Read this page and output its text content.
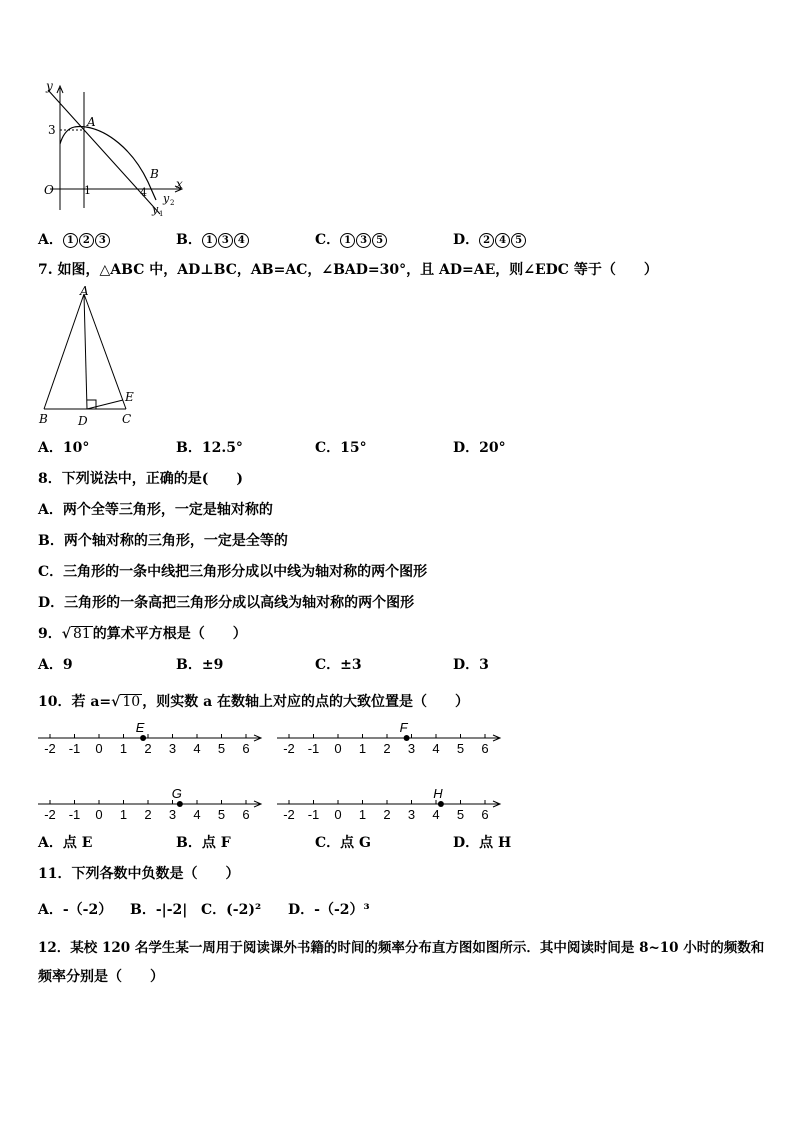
y
x
O
3
1	4
A
B
y 2
y 1
A． 1 2 3	B． 1 3 4	C． 1 3 5	D． 2 4 5
7. 如图，△ABC 中，AD⊥BC，AB=AC，∠BAD=30°，且 AD=AE，则∠EDC 等于（　　）
A
B	C
D
E
A．10°	B．12.5°	C．15°	D．20°
8．下列说法中，正确的是(　　)
A．两个全等三角形，一定是轴对称的
B．两个轴对称的三角形，一定是全等的
C．三角形的一条中线把三角形分成以中线为轴对称的两个图形
D．三角形的一条高把三角形分成以高线为轴对称的两个图形
9．√ 81 的算术平方根是（　　）
A．9	B．±9	C．±3	D．3
10．若 a=√ 10 ，则实数 a 在数轴上对应的点的大致位置是（　　）
-2 -1 0 1 2 3 4 5 6
E
-2 -1 0 1 2 3 4 5 6
F
-2 -1 0 1 2 3 4 5 6
G
-2 -1 0 1 2 3 4 5 6
H
A．点 E	B．点 F	C．点 G	D．点 H
11．下列各数中负数是（　　）
A．-（-2） B．-|-2| C．(-2)² D．-（-2）³
12．某校 120 名学生某一周用于阅读课外书籍的时间的频率分布直方图如图所示．其中阅读时间是 8~10 小时的频数和
频率分别是（　　）
